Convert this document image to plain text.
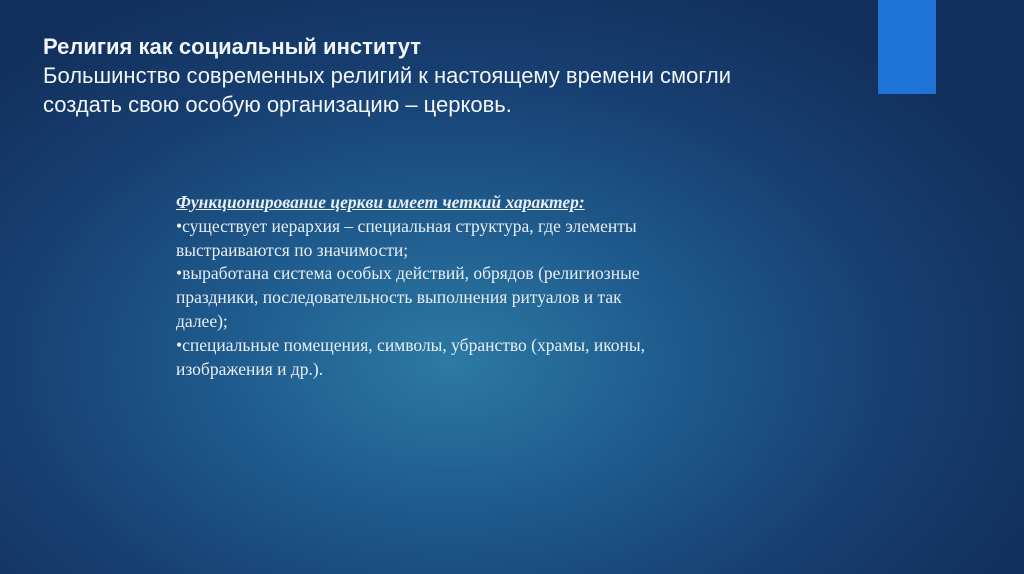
Религия как социальный институт
Большинство современных религий к настоящему времени смогли
создать свою особую организацию – церковь.
Функционирование церкви имеет четкий характер:
•существует иерархия – специальная структура, где элементы
выстраиваются по значимости;
•выработана система особых действий, обрядов (религиозные
праздники, последовательность выполнения ритуалов и так
далее);
•специальные помещения, символы, убранство (храмы, иконы,
изображения и др.).
